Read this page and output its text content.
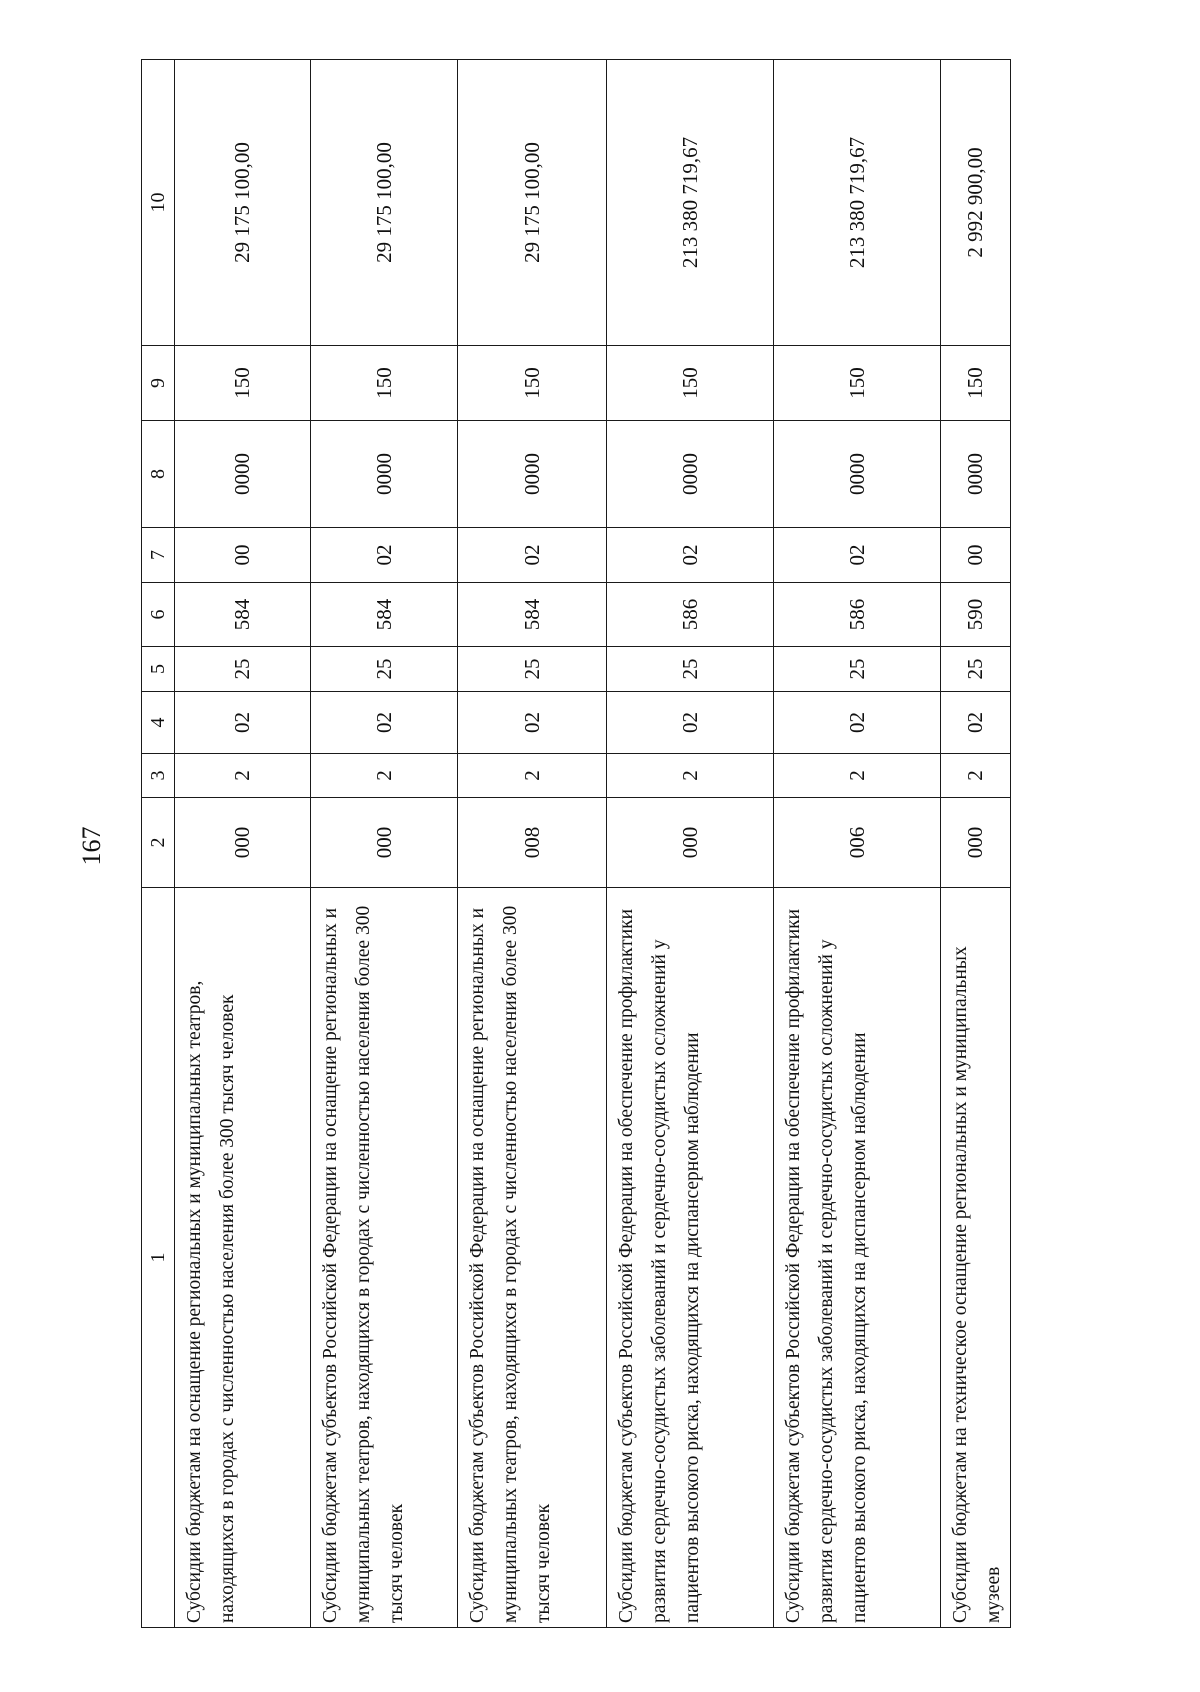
167
1	2	3	4	5	6	7	8	9	10
Субсидии бюджетам на оснащение региональных и муниципальных театров, находящихся в городах с численностью населения более 300 тысяч человек	000	2	02	25	584	00	0000	150	29 175 100,00
Субсидии бюджетам субъектов Российской Федерации на оснащение региональных и муниципальных театров, находящихся в городах с численностью населения более 300 тысяч человек	000	2	02	25	584	02	0000	150	29 175 100,00
Субсидии бюджетам субъектов Российской Федерации на оснащение региональных и муниципальных театров, находящихся в городах с численностью населения более 300 тысяч человек	008	2	02	25	584	02	0000	150	29 175 100,00
Субсидии бюджетам субъектов Российской Федерации на обеспечение профилактики развития сердечно-сосудистых заболеваний и сердечно-сосудистых осложнений у пациентов высокого риска, находящихся на диспансерном наблюдении	000	2	02	25	586	02	0000	150	213 380 719,67
Субсидии бюджетам субъектов Российской Федерации на обеспечение профилактики развития сердечно-сосудистых заболеваний и сердечно-сосудистых осложнений у пациентов высокого риска, находящихся на диспансерном наблюдении	006	2	02	25	586	02	0000	150	213 380 719,67
Субсидии бюджетам на техническое оснащение региональных и муниципальных музеев	000	2	02	25	590	00	0000	150	2 992 900,00
